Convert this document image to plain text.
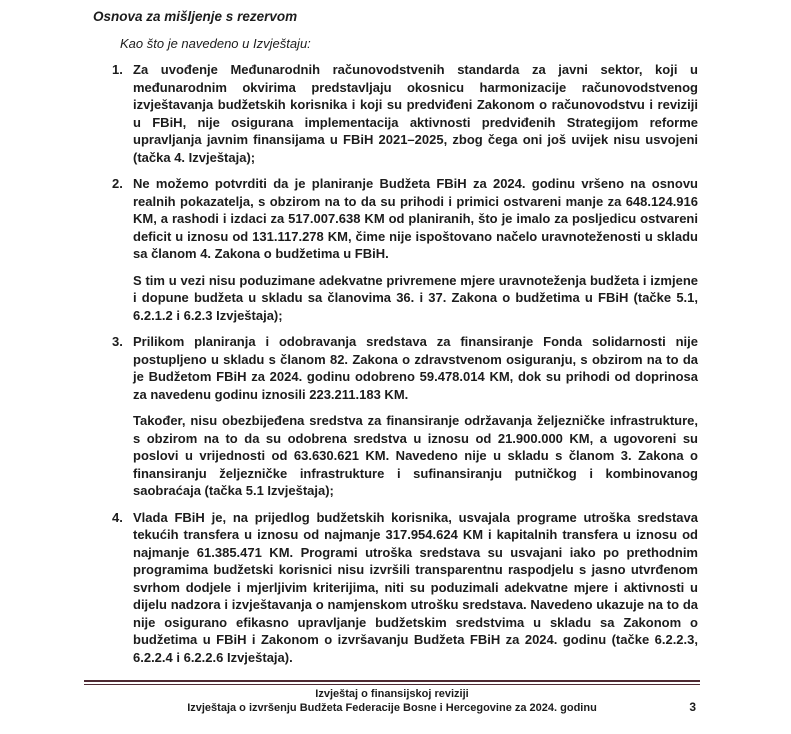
Osnova za mišljenje s rezervom

Kao što je navedeno u Izvještaju:

1. Za uvođenje Međunarodnih računovodstvenih standarda za javni sektor, koji u međunarodnim okvirima predstavljaju okosnicu harmonizacije računovodstvenog izvještavanja budžetskih korisnika i koji su predviđeni Zakonom o računovodstvu i reviziji u FBiH, nije osigurana implementacija aktivnosti predviđenih Strategijom reforme upravljanja javnim finansijama u FBiH 2021–2025, zbog čega oni još uvijek nisu usvojeni (tačka 4. Izvještaja);

2. Ne možemo potvrditi da je planiranje Budžeta FBiH za 2024. godinu vršeno na osnovu realnih pokazatelja, s obzirom na to da su prihodi i primici ostvareni manje za 648.124.916 KM, a rashodi i izdaci za 517.007.638 KM od planiranih, što je imalo za posljedicu ostvareni deficit u iznosu od 131.117.278 KM, čime nije ispoštovano načelo uravnoteženosti u skladu sa članom 4. Zakona o budžetima u FBiH.

S tim u vezi nisu poduzimane adekvatne privremene mjere uravnoteženja budžeta i izmjene i dopune budžeta u skladu sa članovima 36. i 37. Zakona o budžetima u FBiH (tačke 5.1, 6.2.1.2 i 6.2.3 Izvještaja);

3. Prilikom planiranja i odobravanja sredstava za finansiranje Fonda solidarnosti nije postupljeno u skladu s članom 82. Zakona o zdravstvenom osiguranju, s obzirom na to da je Budžetom FBiH za 2024. godinu odobreno 59.478.014 KM, dok su prihodi od doprinosa za navedenu godinu iznosili 223.211.183 KM.

Također, nisu obezbijeđena sredstva za finansiranje održavanja željezničke infrastrukture, s obzirom na to da su odobrena sredstva u iznosu od 21.900.000 KM, a ugovoreni su poslovi u vrijednosti od 63.630.621 KM. Navedeno nije u skladu s članom 3. Zakona o finansiranju željezničke infrastrukture i sufinansiranju putničkog i kombinovanog saobraćaja (tačka 5.1 Izvještaja);

4. Vlada FBiH je, na prijedlog budžetskih korisnika, usvajala programe utroška sredstava tekućih transfera u iznosu od najmanje 317.954.624 KM i kapitalnih transfera u iznosu od najmanje 61.385.471 KM. Programi utroška sredstava su usvajani iako po prethodnim programima budžetski korisnici nisu izvršili transparentnu raspodjelu s jasno utvrđenom svrhom dodjele i mjerljivim kriterijima, niti su poduzimali adekvatne mjere i aktivnosti u dijelu nadzora i izvještavanja o namjenskom utrošku sredstava. Navedeno ukazuje na to da nije osigurano efikasno upravljanje budžetskim sredstvima u skladu sa Zakonom o budžetima u FBiH i Zakonom o izvršavanju Budžeta FBiH za 2024. godinu (tačke 6.2.2.3, 6.2.2.4 i 6.2.2.6 Izvještaja).

Izvještaj o finansijskoj reviziji
Izvještaja o izvršenju Budžeta Federacije Bosne i Hercegovine za 2024. godinu	3
